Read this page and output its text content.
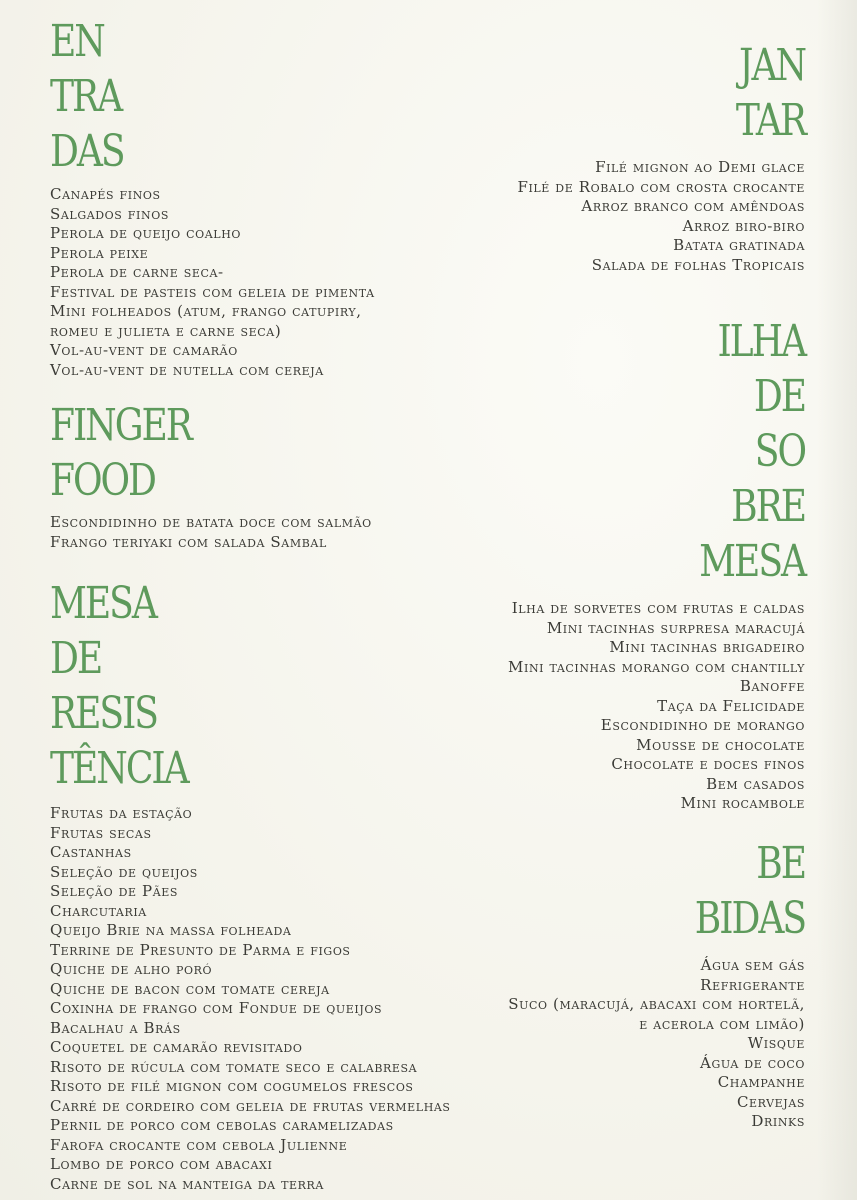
EN
TRA
DAS
Canapés finos
Salgados finos
Perola de queijo coalho
Perola peixe
Perola de carne seca-
Festival de pasteis com geleia de pimenta
Mini folheados (atum, frango catupiry,
romeu e julieta e carne seca)
Vol-au-vent de camarão
Vol-au-vent de nutella com cereja
FINGER
FOOD
Escondidinho de batata doce com salmão
Frango teriyaki com salada Sambal
MESA
DE
RESIS
TÊNCIA
Frutas da estação
Frutas secas
Castanhas
Seleção de queijos
Seleção de Pães
Charcutaria
Queijo Brie na massa folheada
Terrine de Presunto de Parma e figos
Quiche de alho poró
Quiche de bacon com tomate cereja
Coxinha de frango com Fondue de queijos
Bacalhau a Brás
Coquetel de camarão revisitado
Risoto de rúcula com tomate seco e calabresa
Risoto de filé mignon com cogumelos frescos
Carré de cordeiro com geleia de frutas vermelhas
Pernil de porco com cebolas caramelizadas
Farofa crocante com cebola Julienne
Lombo de porco com abacaxi
Carne de sol na manteiga da terra
JAN
TAR
Filé mignon ao Demi glace
Filé de Robalo com crosta crocante
Arroz branco com amêndoas
Arroz biro-biro
Batata gratinada
Salada de folhas Tropicais
ILHA
DE
SO
BRE
MESA
Ilha de sorvetes com frutas e caldas
Mini tacinhas surpresa maracujá
Mini tacinhas brigadeiro
Mini tacinhas morango com chantilly
Banoffe
Taça da Felicidade
Escondidinho de morango
Mousse de chocolate
Chocolate e doces finos
Bem casados
Mini rocambole
BE
BIDAS
Água sem gás
Refrigerante
Suco (maracujá, abacaxi com hortelã,
e acerola com limão)
Wisque
Água de coco
Champanhe
Cervejas
Drinks
